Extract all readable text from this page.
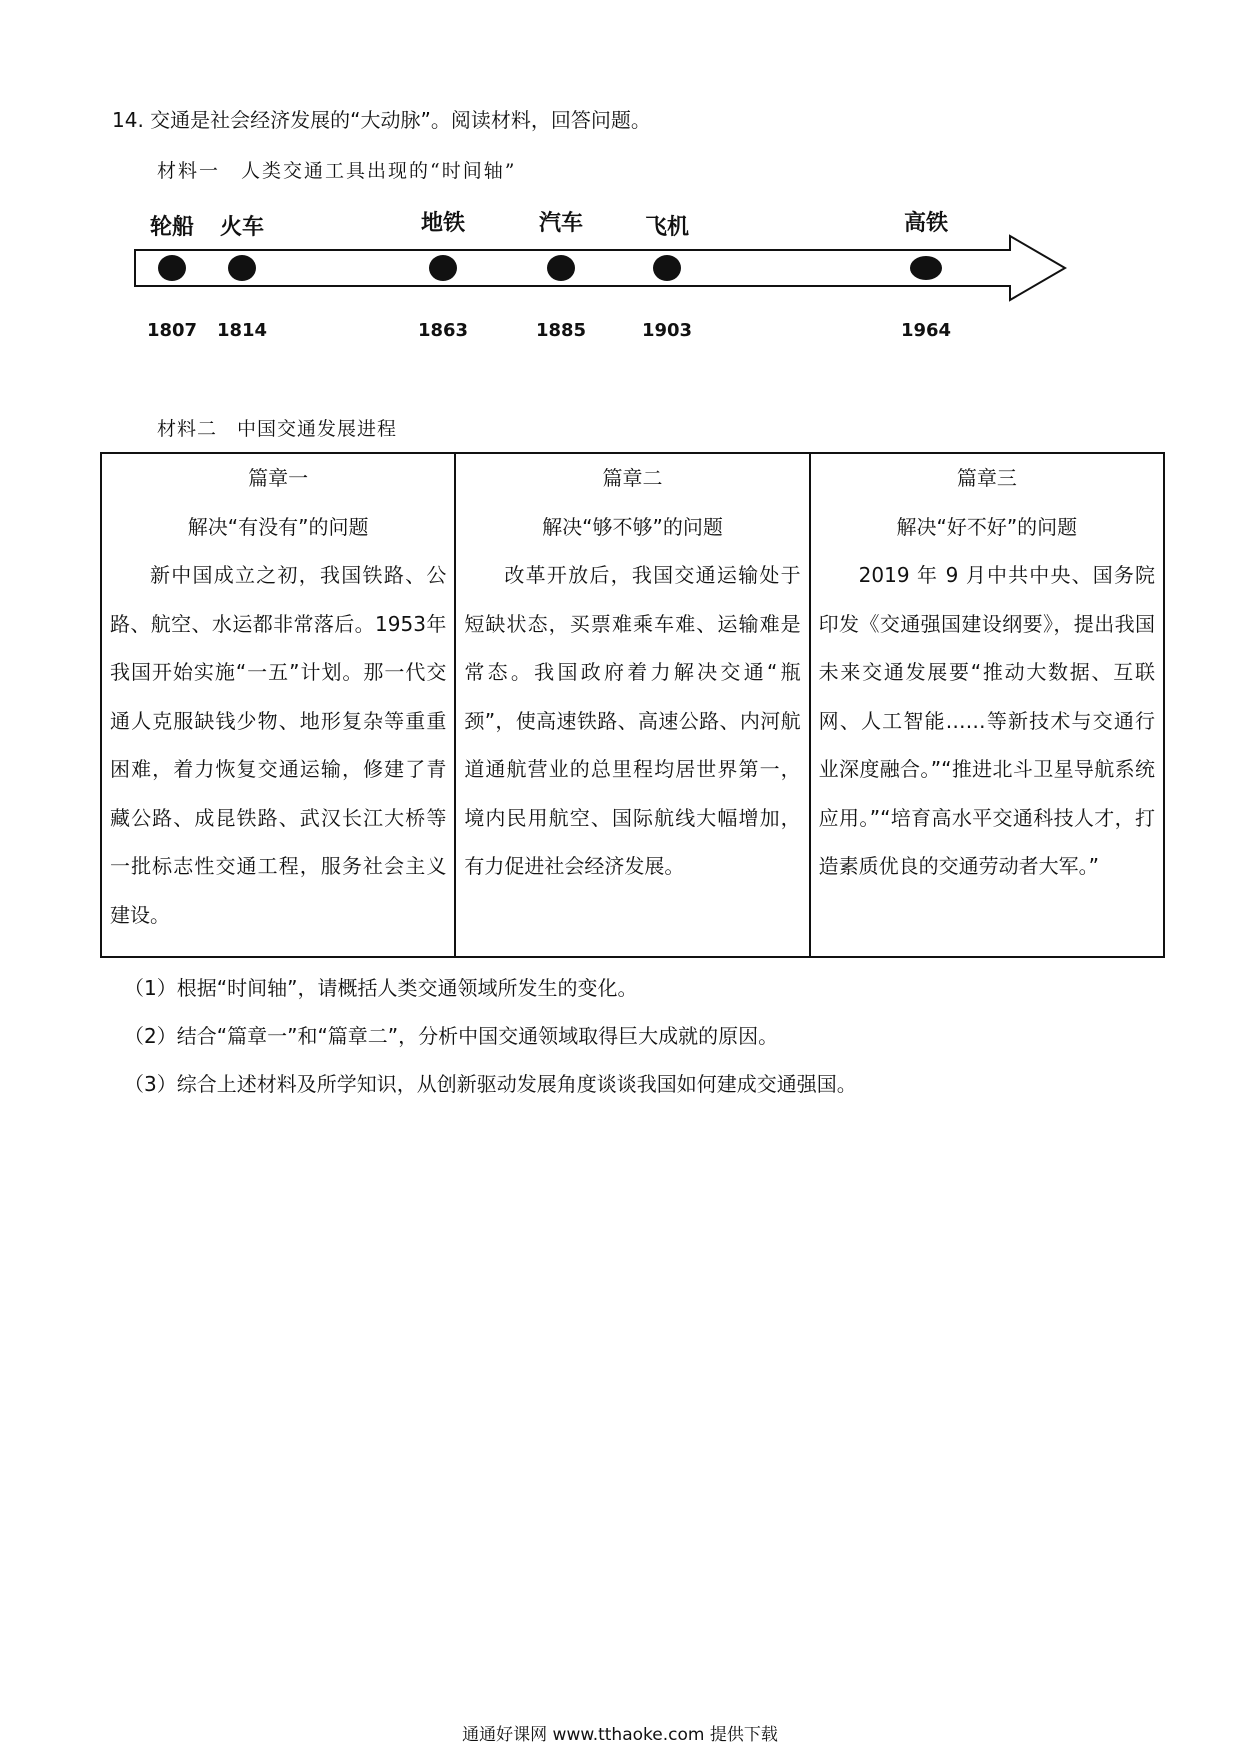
14. 交通是社会经济发展的“大动脉”。阅读材料，回答问题。
材料一　人类交通工具出现的“时间轴”
轮船
1807
火车
1814
地铁
1863
汽车
1885
飞机
1903
高铁
1964
材料二　中国交通发展进程
篇章一
解决“有没有”的问题
新中国成立之初，我国铁路、公路、航空、水运都非常落后。1953年我国开始实施“一五”计划。那一代交通人克服缺钱少物、地形复杂等重重困难，着力恢复交通运输，修建了青藏公路、成昆铁路、武汉长江大桥等一批标志性交通工程，服务社会主义建设。

篇章二
解决“够不够”的问题
改革开放后，我国交通运输处于短缺状态，买票难乘车难、运输难是常态。我国政府着力解决交通“瓶颈”，使高速铁路、高速公路、内河航道通航营业的总里程均居世界第一，境内民用航空、国际航线大幅增加，有力促进社会经济发展。

篇章三
解决“好不好”的问题
2019 年 9 月中共中央、国务院印发《交通强国建设纲要》，提出我国未来交通发展要“推动大数据、互联网、人工智能……等新技术与交通行业深度融合。”“推进北斗卫星导航系统应用。”“培育高水平交通科技人才，打造素质优良的交通劳动者大军。”
（1）根据“时间轴”，请概括人类交通领域所发生的变化。
（2）结合“篇章一”和“篇章二”，分析中国交通领域取得巨大成就的原因。
（3）综合上述材料及所学知识，从创新驱动发展角度谈谈我国如何建成交通强国。
通通好课网 www.tthaoke.com 提供下载
